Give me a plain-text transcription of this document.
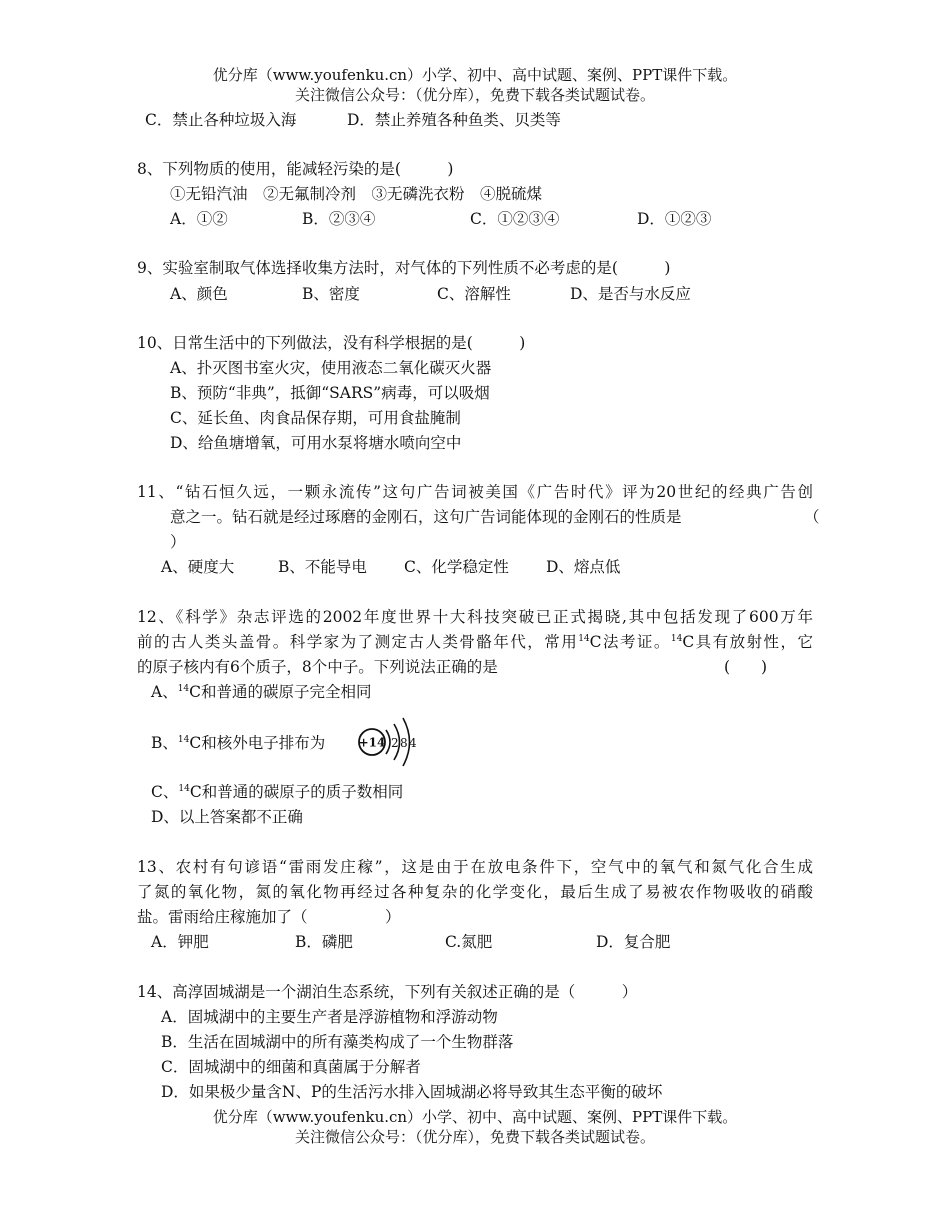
优分库（www.youfenku.cn）小学、初中、高中试题、案例、PPT课件下载。
关注微信公众号：（优分库），免费下载各类试题试卷。
C．禁止各种垃圾入海	D．禁止养殖各种鱼类、贝类等
8、下列物质的使用，能减轻污染的是(　　　)
①无铅汽油　②无氟制冷剂　③无磷洗衣粉　④脱硫煤
A．①②	B．②③④	C．①②③④	D．①②③
9、实验室制取气体选择收集方法时，对气体的下列性质不必考虑的是(　　　)
A、颜色	B、密度	C、溶解性	D、是否与水反应
10、日常生活中的下列做法，没有科学根据的是(　　　)
A、扑灭图书室火灾，使用液态二氧化碳灭火器
B、预防“非典”，抵御“SARS”病毒，可以吸烟
C、延长鱼、肉食品保存期，可用食盐腌制
D、给鱼塘增氧，可用水泵将塘水喷向空中
11、“钻石恒久远，一颗永流传”这句广告词被美国《广告时代》评为20世纪的经典广告创
意之一。钻石就是经过琢磨的金刚石，这句广告词能体现的金刚石的性质是	（
）
A、硬度大	B、不能导电 C、化学稳定性 D、熔点低
12、《科学》杂志评选的2002年度世界十大科技突破已正式揭晓,其中包括发现了600万年
前的古人类头盖骨。科学家为了测定古人类骨骼年代，常用$^{14}$C法考证。$^{14}$C具有放射性，它
的原子核内有6个质子，8个中子。下列说法正确的是	(　　)
A、$^{14}$C和普通的碳原子完全相同
B、$^{14}$C和核外电子排布为	+14 2 8 4
C、$^{14}$C和普通的碳原子的质子数相同
D、以上答案都不正确
13、农村有句谚语“雷雨发庄稼”，这是由于在放电条件下，空气中的氧气和氮气化合生成
了氮的氧化物，氮的氧化物再经过各种复杂的化学变化，最后生成了易被农作物吸收的硝酸
盐。雷雨给庄稼施加了（　　　　　）
A．钾肥	B．磷肥	C.氮肥	D．复合肥
14、高淳固城湖是一个湖泊生态系统，下列有关叙述正确的是（　　　）
A．固城湖中的主要生产者是浮游植物和浮游动物
B．生活在固城湖中的所有藻类构成了一个生物群落
C．固城湖中的细菌和真菌属于分解者
D．如果极少量含N、P的生活污水排入固城湖必将导致其生态平衡的破坏
优分库（www.youfenku.cn）小学、初中、高中试题、案例、PPT课件下载。
关注微信公众号：（优分库），免费下载各类试题试卷。
